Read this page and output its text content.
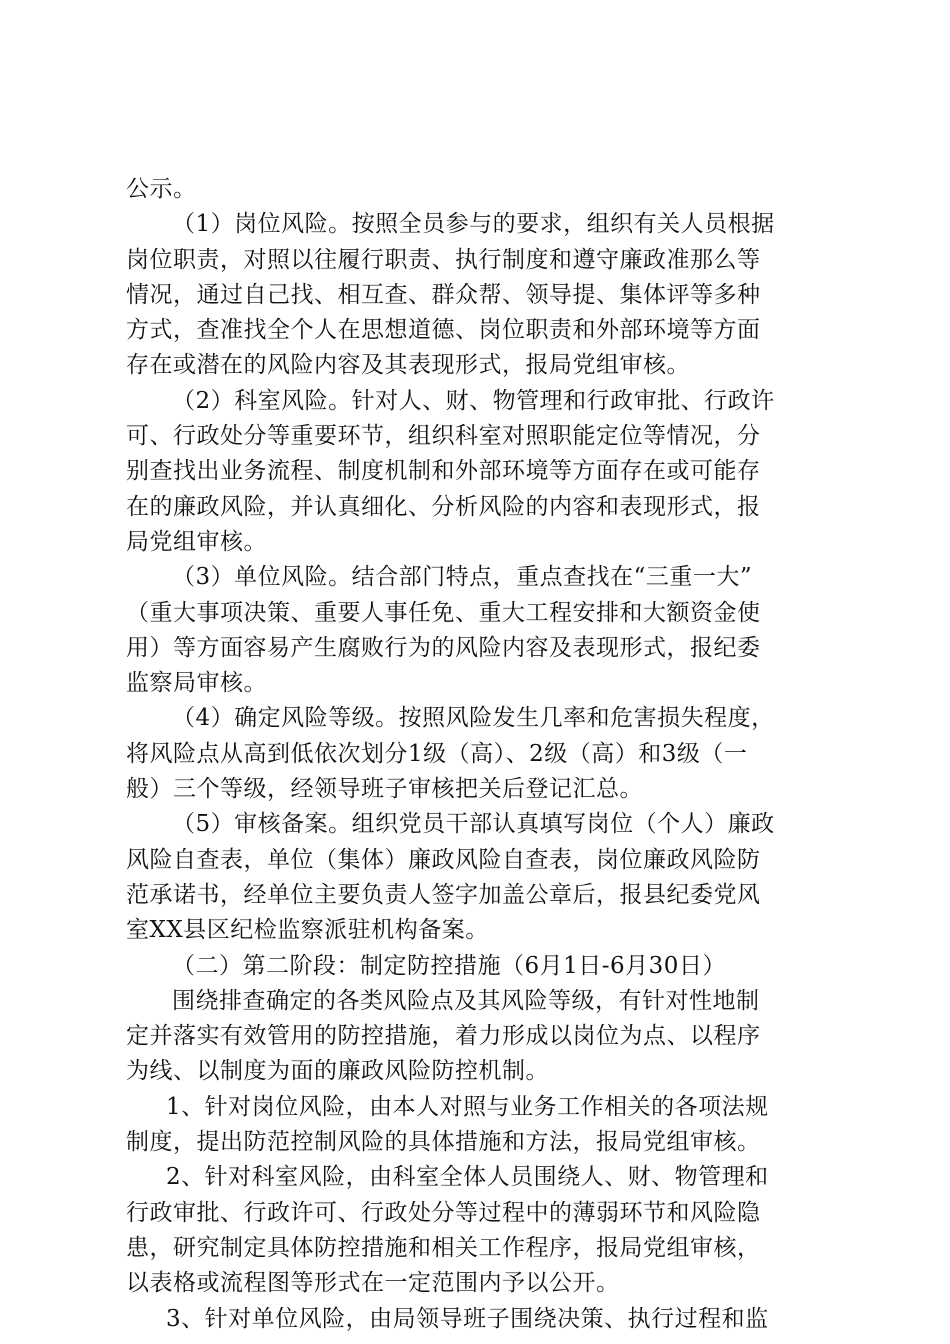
公示。
（1）岗位风险。按照全员参与的要求，组织有关人员根据
岗位职责，对照以往履行职责、执行制度和遵守廉政准那么等
情况，通过自己找、相互查、群众帮、领导提、集体评等多种
方式，查准找全个人在思想道德、岗位职责和外部环境等方面
存在或潜在的风险内容及其表现形式，报局党组审核。
（2）科室风险。针对人、财、物管理和行政审批、行政许
可、行政处分等重要环节，组织科室对照职能定位等情况，分
别查找出业务流程、制度机制和外部环境等方面存在或可能存
在的廉政风险，并认真细化、分析风险的内容和表现形式，报
局党组审核。
（3）单位风险。结合部门特点，重点查找在“三重一大”
（重大事项决策、重要人事任免、重大工程安排和大额资金使
用）等方面容易产生腐败行为的风险内容及表现形式，报纪委
监察局审核。
（4）确定风险等级。按照风险发生几率和危害损失程度，
将风险点从高到低依次划分1级（高）、2级（高）和3级（一
般）三个等级，经领导班子审核把关后登记汇总。
（5）审核备案。组织党员干部认真填写岗位（个人）廉政
风险自查表，单位（集体）廉政风险自查表，岗位廉政风险防
范承诺书，经单位主要负责人签字加盖公章后，报县纪委党风
室XX县区纪检监察派驻机构备案。
（二）第二阶段：制定防控措施（6月1日-6月30日）
围绕排查确定的各类风险点及其风险等级，有针对性地制
定并落实有效管用的防控措施，着力形成以岗位为点、以程序
为线、以制度为面的廉政风险防控机制。
1、针对岗位风险，由本人对照与业务工作相关的各项法规
制度，提出防范控制风险的具体措施和方法，报局党组审核。
2、针对科室风险，由科室全体人员围绕人、财、物管理和
行政审批、行政许可、行政处分等过程中的薄弱环节和风险隐
患，研究制定具体防控措施和相关工作程序，报局党组审核，
以表格或流程图等形式在一定范围内予以公开。
3、针对单位风险，由局领导班子围绕决策、执行过程和监
